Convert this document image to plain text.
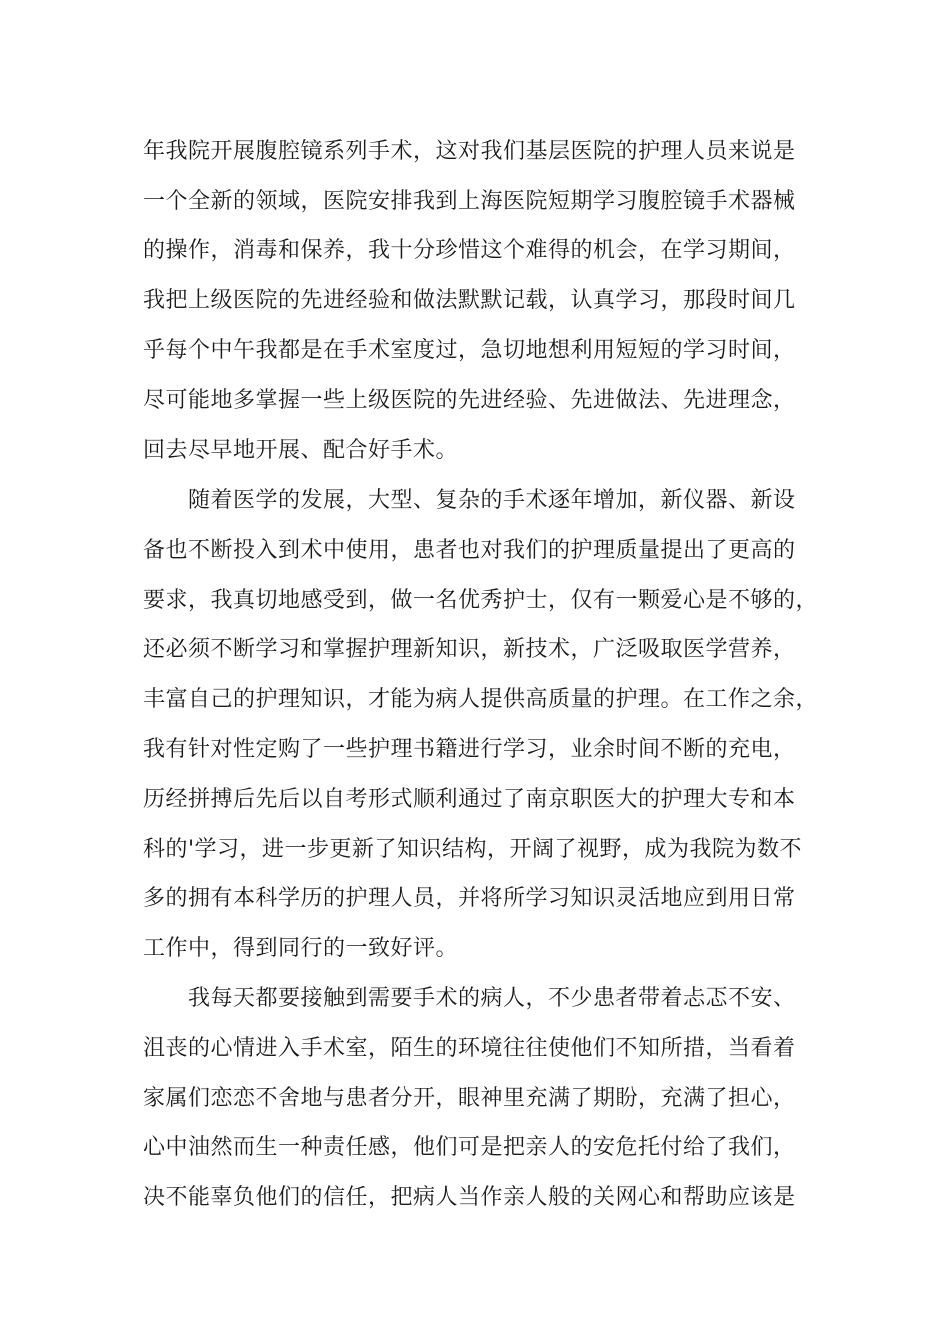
年我院开展腹腔镜系列手术，这对我们基层医院的护理人员来说是
一个全新的领域，医院安排我到上海医院短期学习腹腔镜手术器械
的操作，消毒和保养，我十分珍惜这个难得的机会，在学习期间，
我把上级医院的先进经验和做法默默记载，认真学习，那段时间几
乎每个中午我都是在手术室度过，急切地想利用短短的学习时间，
尽可能地多掌握一些上级医院的先进经验、先进做法、先进理念，
回去尽早地开展、配合好手术。
随着医学的发展，大型、复杂的手术逐年增加，新仪器、新设
备也不断投入到术中使用，患者也对我们的护理质量提出了更高的
要求，我真切地感受到，做一名优秀护士，仅有一颗爱心是不够的，
还必须不断学习和掌握护理新知识，新技术，广泛吸取医学营养，
丰富自己的护理知识，才能为病人提供高质量的护理。在工作之余，
我有针对性定购了一些护理书籍进行学习，业余时间不断的充电，
历经拼搏后先后以自考形式顺利通过了南京职医大的护理大专和本
科的'学习，进一步更新了知识结构，开阔了视野，成为我院为数不
多的拥有本科学历的护理人员，并将所学习知识灵活地应到用日常
工作中，得到同行的一致好评。
我每天都要接触到需要手术的病人，不少患者带着忐忑不安、
沮丧的心情进入手术室，陌生的环境往往使他们不知所措，当看着
家属们恋恋不舍地与患者分开，眼神里充满了期盼，充满了担心，
心中油然而生一种责任感，他们可是把亲人的安危托付给了我们，
决不能辜负他们的信任，把病人当作亲人般的关网心和帮助应该是
